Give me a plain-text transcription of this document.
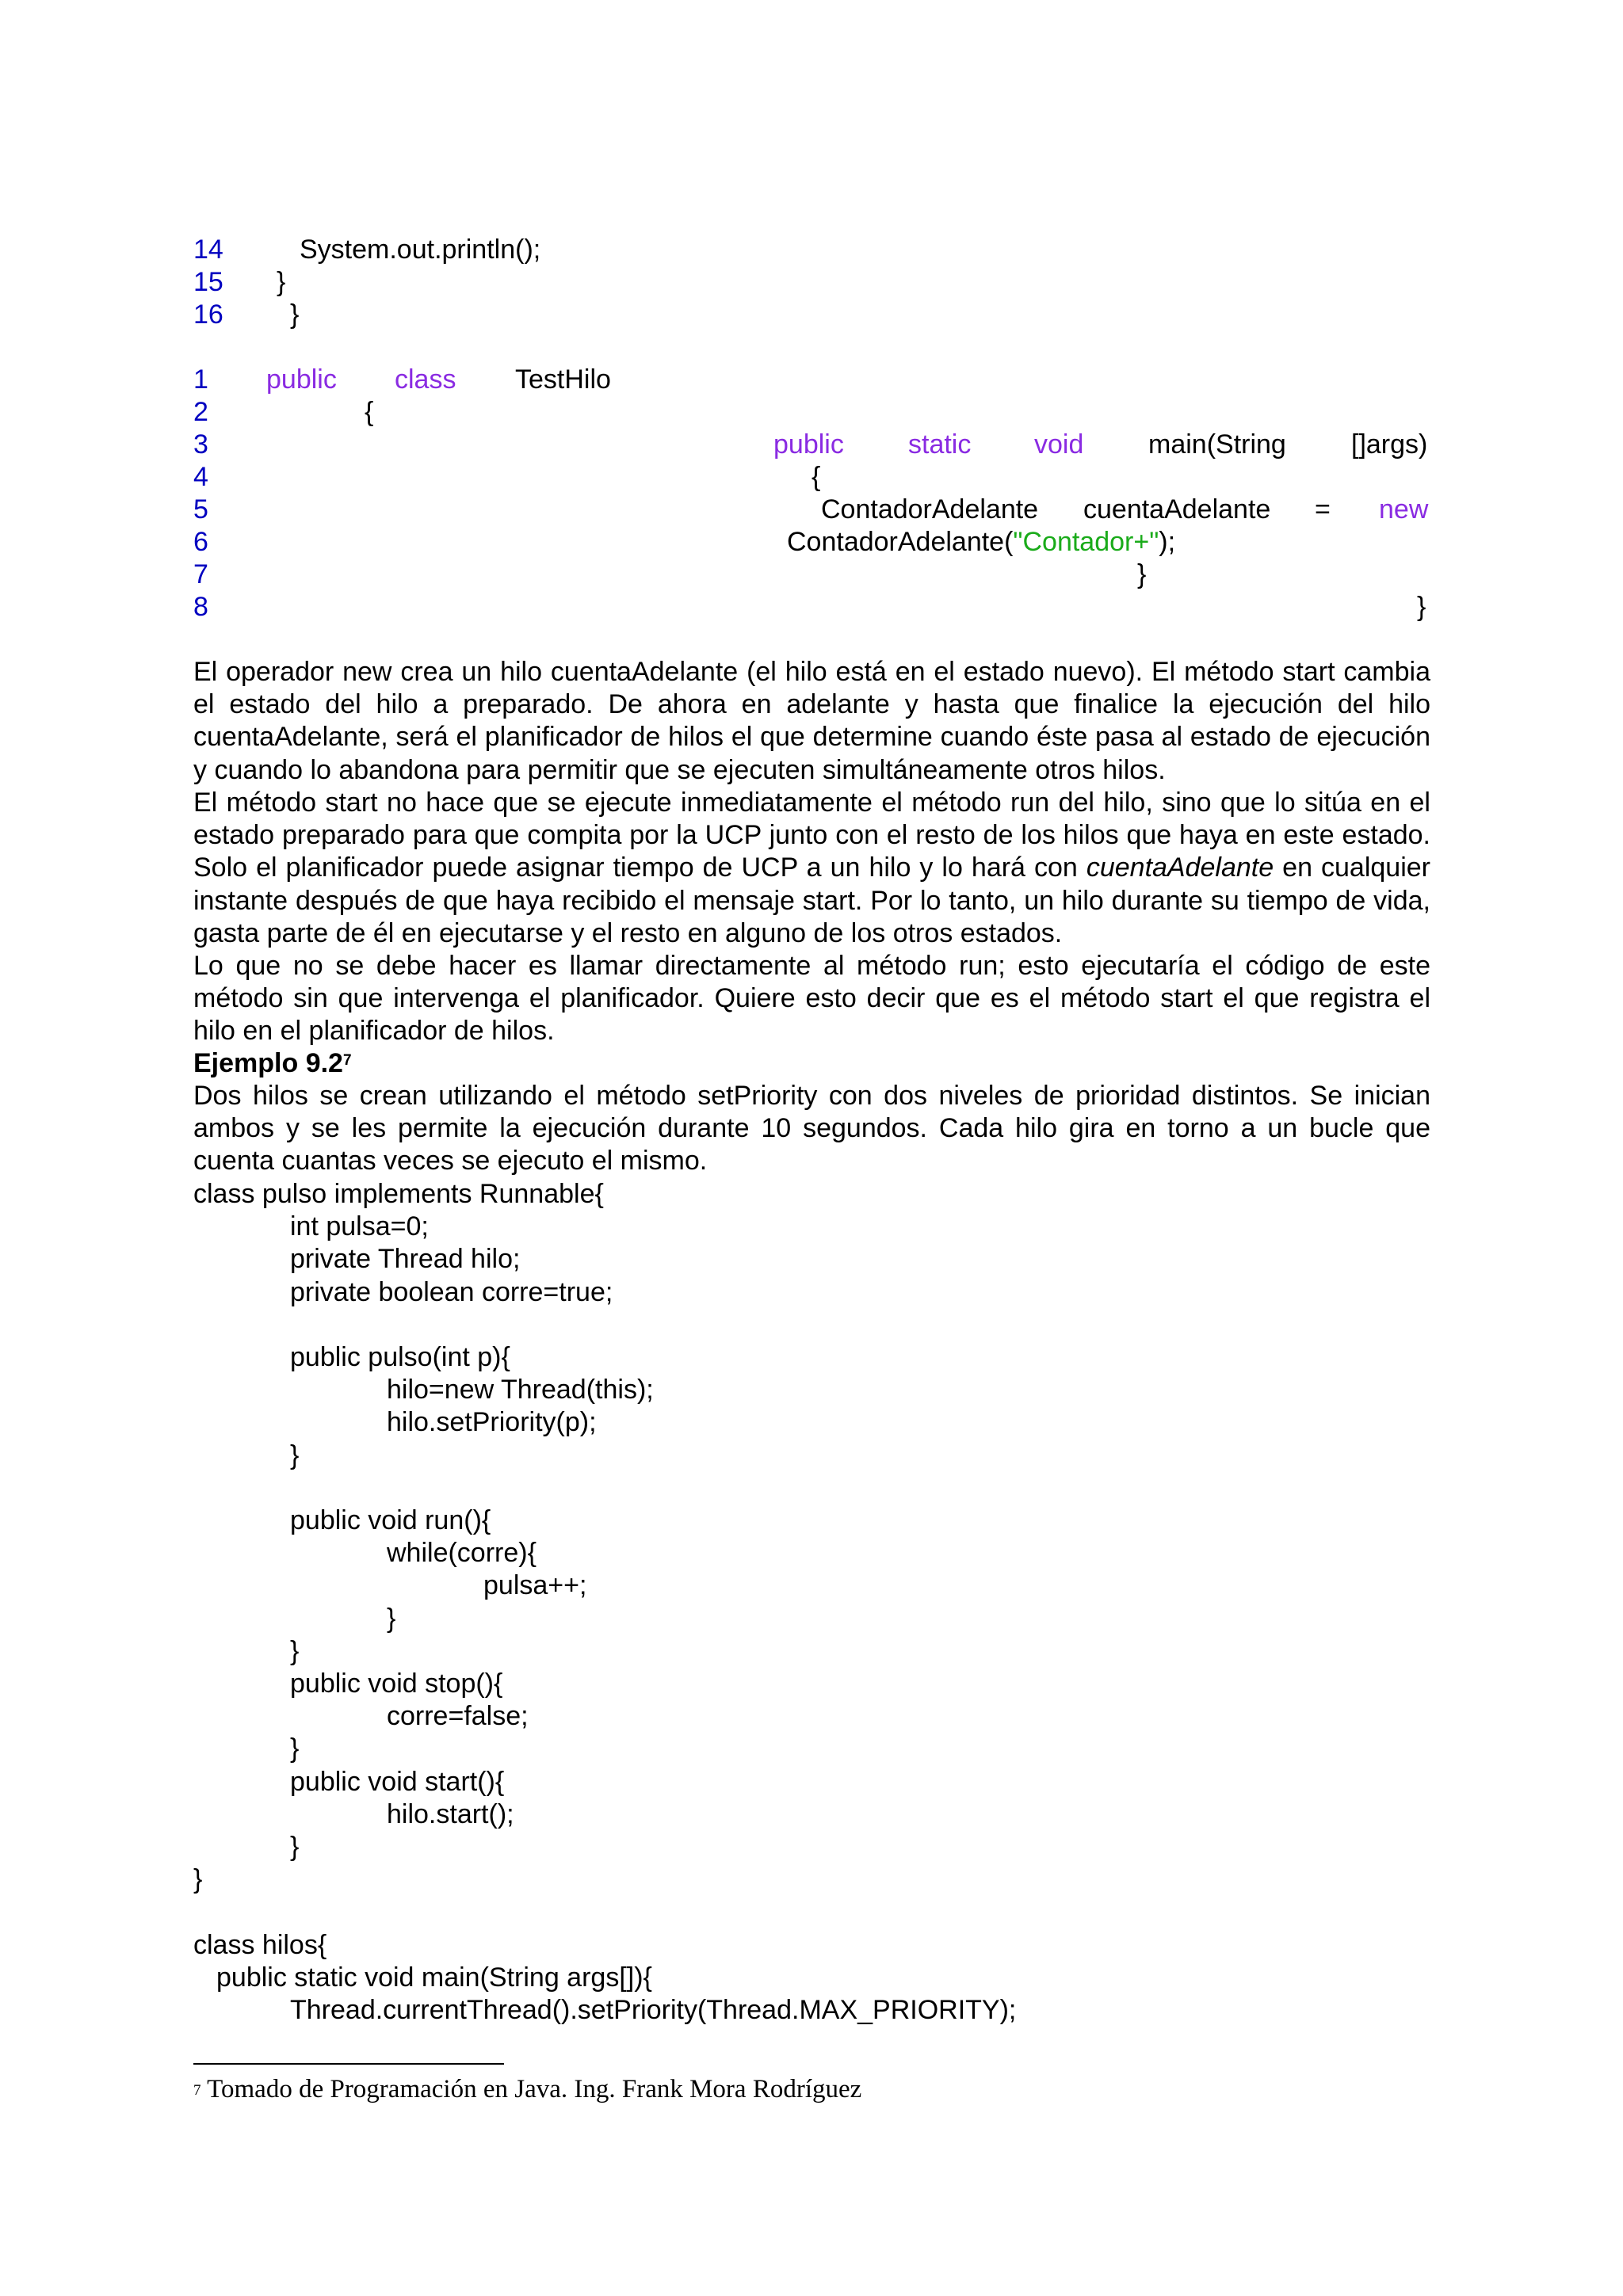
14	System.out.println();
15 }
16 }
1 public class TestHilo
2	{
3	public static void main(String []args)
4	{
5	ContadorAdelante cuentaAdelante = new
6	ContadorAdelante("Contador+");
7	}
8	}

El operador new crea un hilo cuentaAdelante (el hilo está en el estado nuevo). El método start cambia el estado del hilo a preparado. De ahora en adelante y hasta que finalice la ejecución del hilo cuentaAdelante, será el planificador de hilos el que determine cuando éste pasa al estado de ejecución y cuando lo abandona para permitir que se ejecuten simultáneamente otros hilos.

El método start no hace que se ejecute inmediatamente el método run del hilo, sino que lo sitúa en el estado preparado para que compita por la UCP junto con el resto de los hilos que haya en este estado. Solo el planificador puede asignar tiempo de UCP a un hilo y lo hará con cuentaAdelante en cualquier instante después de que haya recibido el mensaje start. Por lo tanto, un hilo durante su tiempo de vida, gasta parte de él en ejecutarse y el resto en alguno de los otros estados.

Lo que no se debe hacer es llamar directamente al método run; esto ejecutaría el código de este método sin que intervenga el planificador. Quiere esto decir que es el método start el que registra el hilo en el planificador de hilos.

Ejemplo $9.2^7$

Dos hilos se crean utilizando el método setPriority con dos niveles de prioridad distintos. Se inician ambos y se les permite la ejecución durante 10 segundos. Cada hilo gira en torno a un bucle que cuenta cuantas veces se ejecuto el mismo.

class pulso implements Runnable{
int pulsa=0;
private Thread hilo;
private boolean corre=true;
public pulso(int p){
hilo=new Thread(this);
hilo.setPriority(p);
}
public void run(){
while(corre){
pulsa++;
}
}
public void stop(){
corre=false;
}
public void start(){
hilo.start();
}
}
class hilos{
public static void main(String args[]){
Thread.currentThread().setPriority(Thread.MAX_PRIORITY);
$^7$ Tomado de Programación en Java. Ing. Frank Mora Rodríguez
